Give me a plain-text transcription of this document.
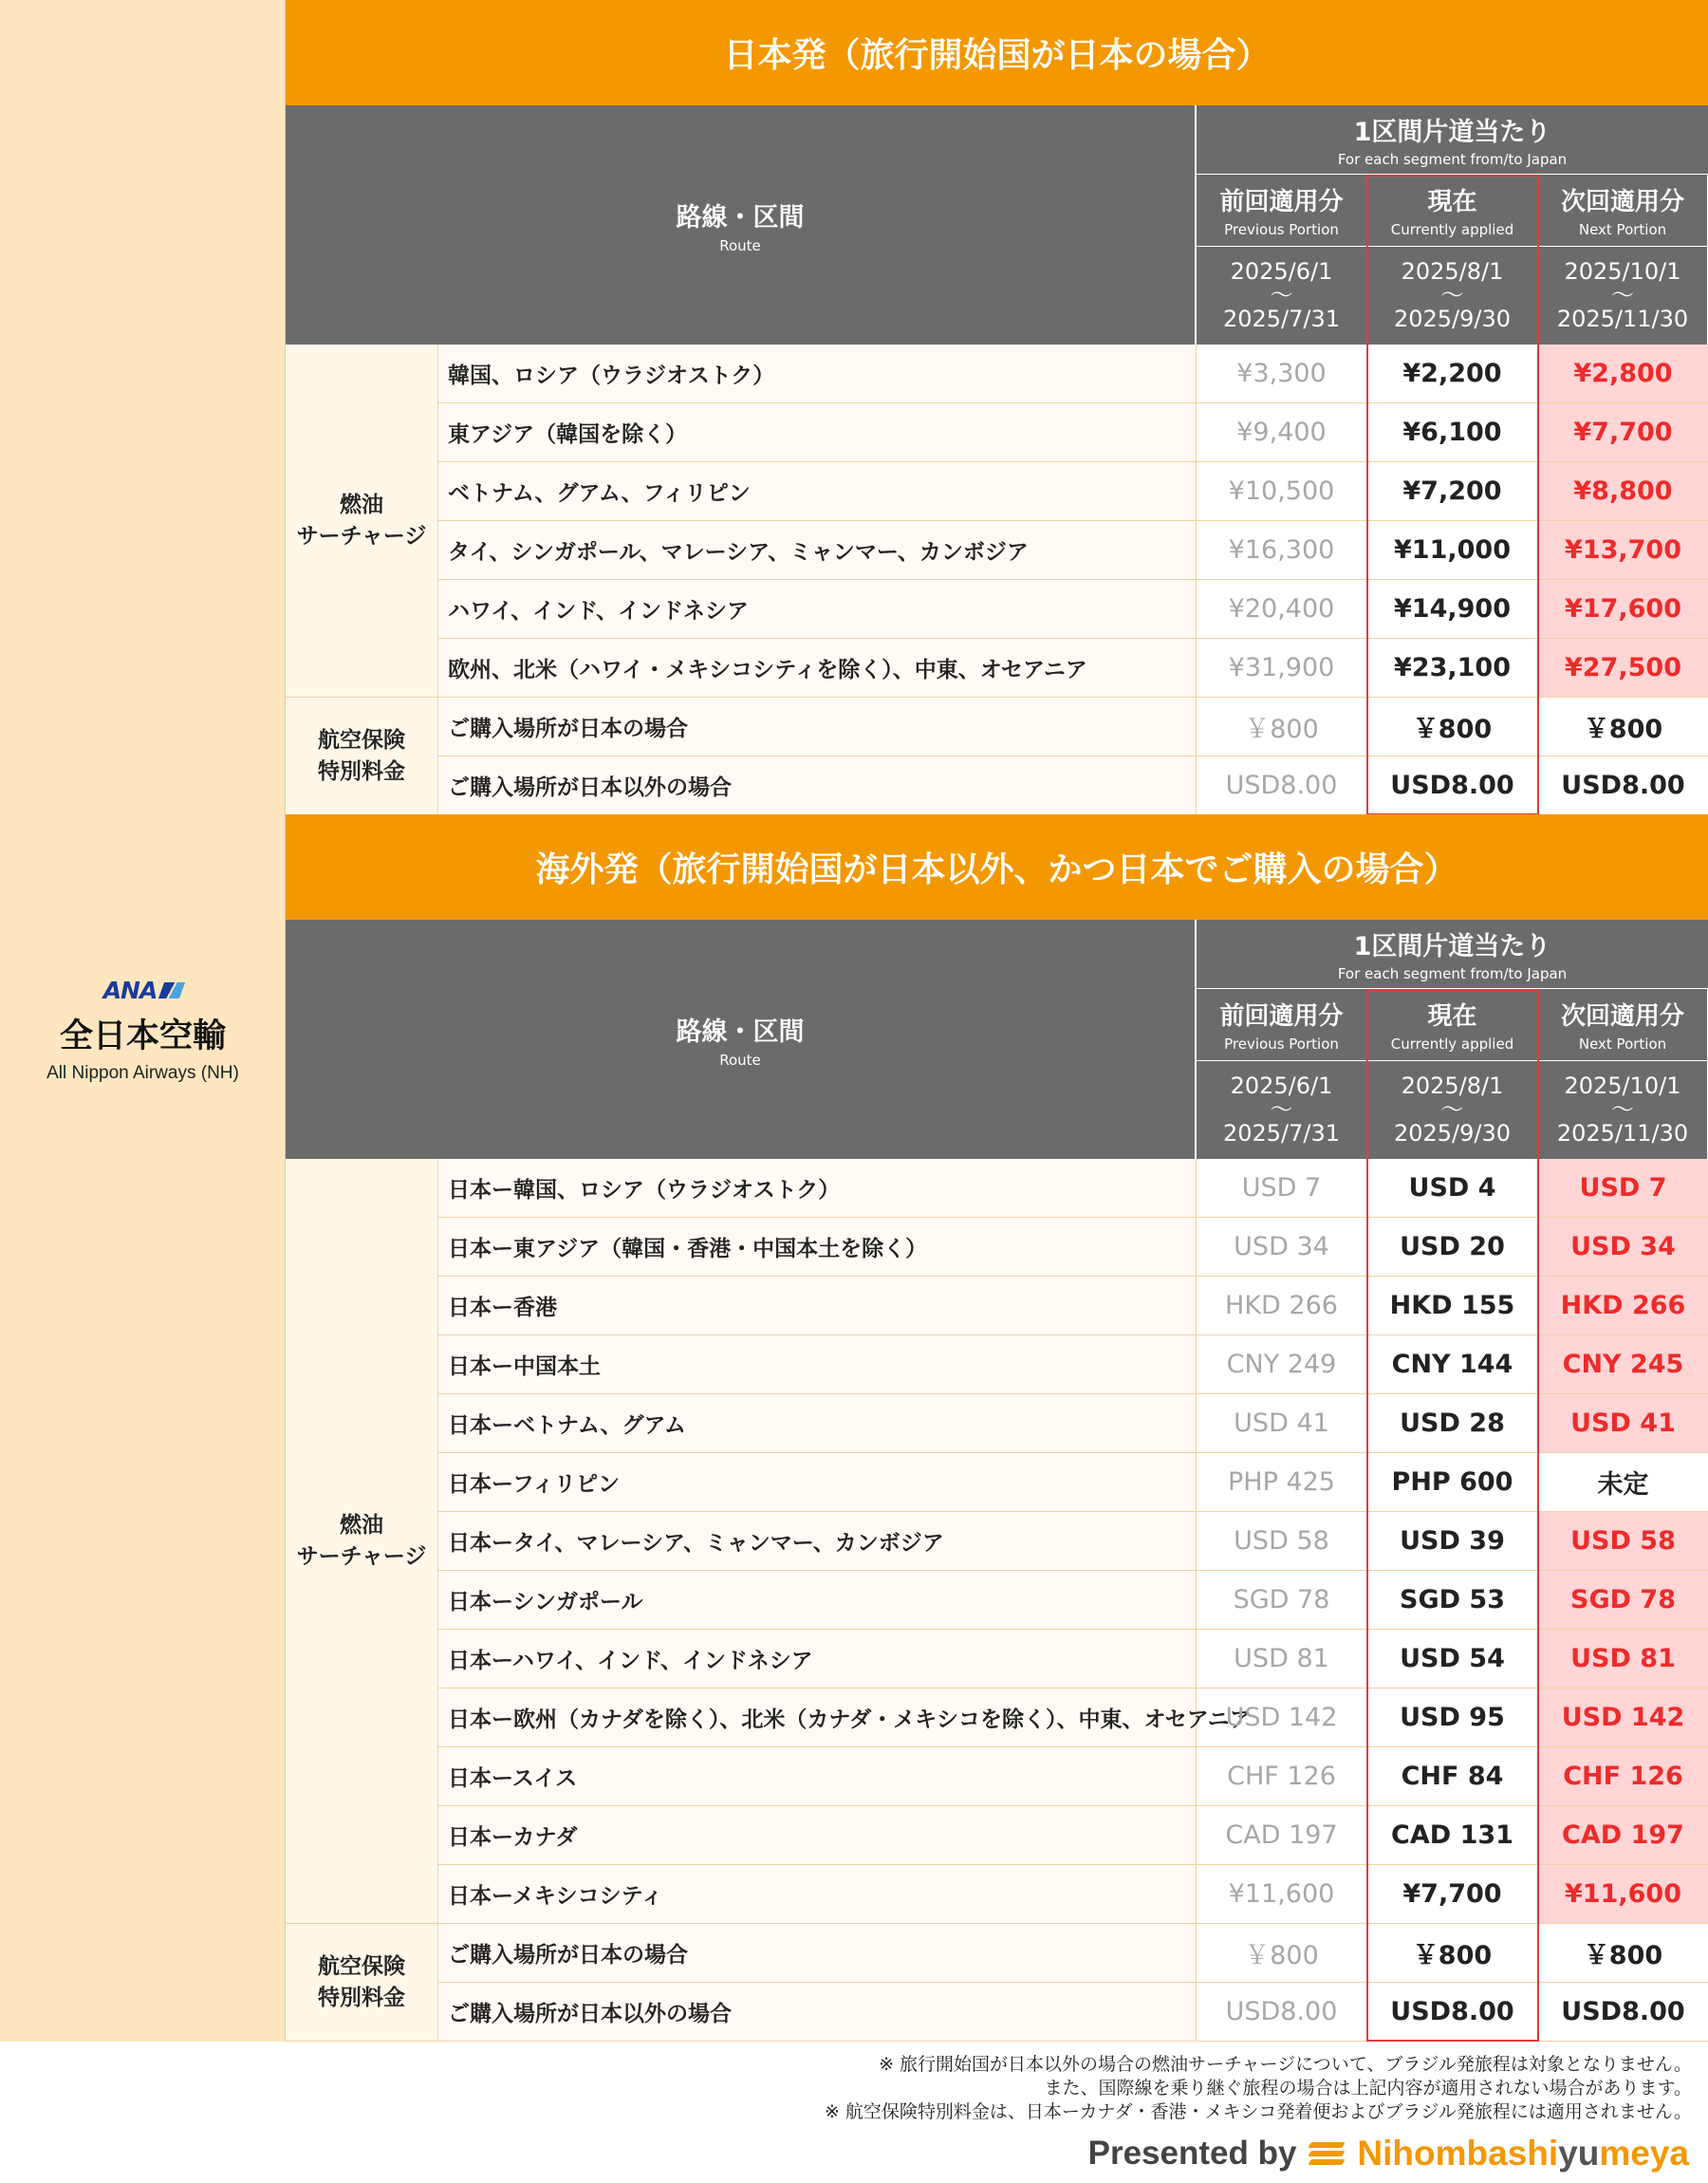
ANA
全日本空輸
All Nippon Airways (NH)
日本発（旅行開始国が日本の場合）
路線・区間
Route
1区間片道当たり
For each segment from/to Japan
前回適用分
Previous Portion
2025/6/1
〜
2025/7/31
現在
Currently applied
2025/8/1
〜
2025/9/30
次回適用分
Next Portion
2025/10/1
〜
2025/11/30
韓国、ロシア（ウラジオストク）	¥3,300	¥2,200	¥2,800
東アジア（韓国を除く）	¥9,400	¥6,100	¥7,700
ベトナム、グアム、フィリピン	¥10,500	¥7,200	¥8,800
タイ、シンガポール、マレーシア、ミャンマー、カンボジア	¥16,300	¥11,000	¥13,700
ハワイ、インド、インドネシア	¥20,400	¥14,900	¥17,600
欧州、北米（ハワイ・メキシコシティを除く）、中東、オセアニア	¥31,900	¥23,100	¥27,500
燃油
サーチャージ
ご購入場所が日本の場合	￥800	￥800	￥800
ご購入場所が日本以外の場合	USD8.00	USD8.00	USD8.00
航空保険
特別料金
海外発（旅行開始国が日本以外、かつ日本でご購入の場合）
路線・区間
Route
1区間片道当たり
For each segment from/to Japan
前回適用分
Previous Portion
2025/6/1
〜
2025/7/31
現在
Currently applied
2025/8/1
〜
2025/9/30
次回適用分
Next Portion
2025/10/1
〜
2025/11/30
日本ー韓国、ロシア（ウラジオストク）	USD 7	USD 4	USD 7
日本ー東アジア（韓国・香港・中国本土を除く）	USD 34	USD 20	USD 34
日本ー香港	HKD 266	HKD 155	HKD 266
日本ー中国本土	CNY 249	CNY 144	CNY 245
日本ーベトナム、グアム	USD 41	USD 28	USD 41
日本ーフィリピン	PHP 425	PHP 600	未定
日本ータイ、マレーシア、ミャンマー、カンボジア	USD 58	USD 39	USD 58
日本ーシンガポール	SGD 78	SGD 53	SGD 78
日本ーハワイ、インド、インドネシア	USD 81	USD 54	USD 81
日本ー欧州（カナダを除く）、北米（カナダ・メキシコを除く）、中東、オセアニア
USD 142	USD 95	USD 142
日本ースイス	CHF 126	CHF 84	CHF 126
日本ーカナダ	CAD 197	CAD 131	CAD 197
日本ーメキシコシティ	¥11,600	¥7,700	¥11,600
燃油
サーチャージ
ご購入場所が日本の場合	￥800	￥800	￥800
ご購入場所が日本以外の場合	USD8.00	USD8.00	USD8.00
航空保険
特別料金
※ 旅行開始国が日本以外の場合の燃油サーチャージについて、ブラジル発旅程は対象となりません。
また、国際線を乗り継ぐ旅程の場合は上記内容が適用されない場合があります。
※ 航空保険特別料金は、日本ーカナダ・香港・メキシコ発着便およびブラジル発旅程には適用されません。
Presented by Nihombashiyumeya
